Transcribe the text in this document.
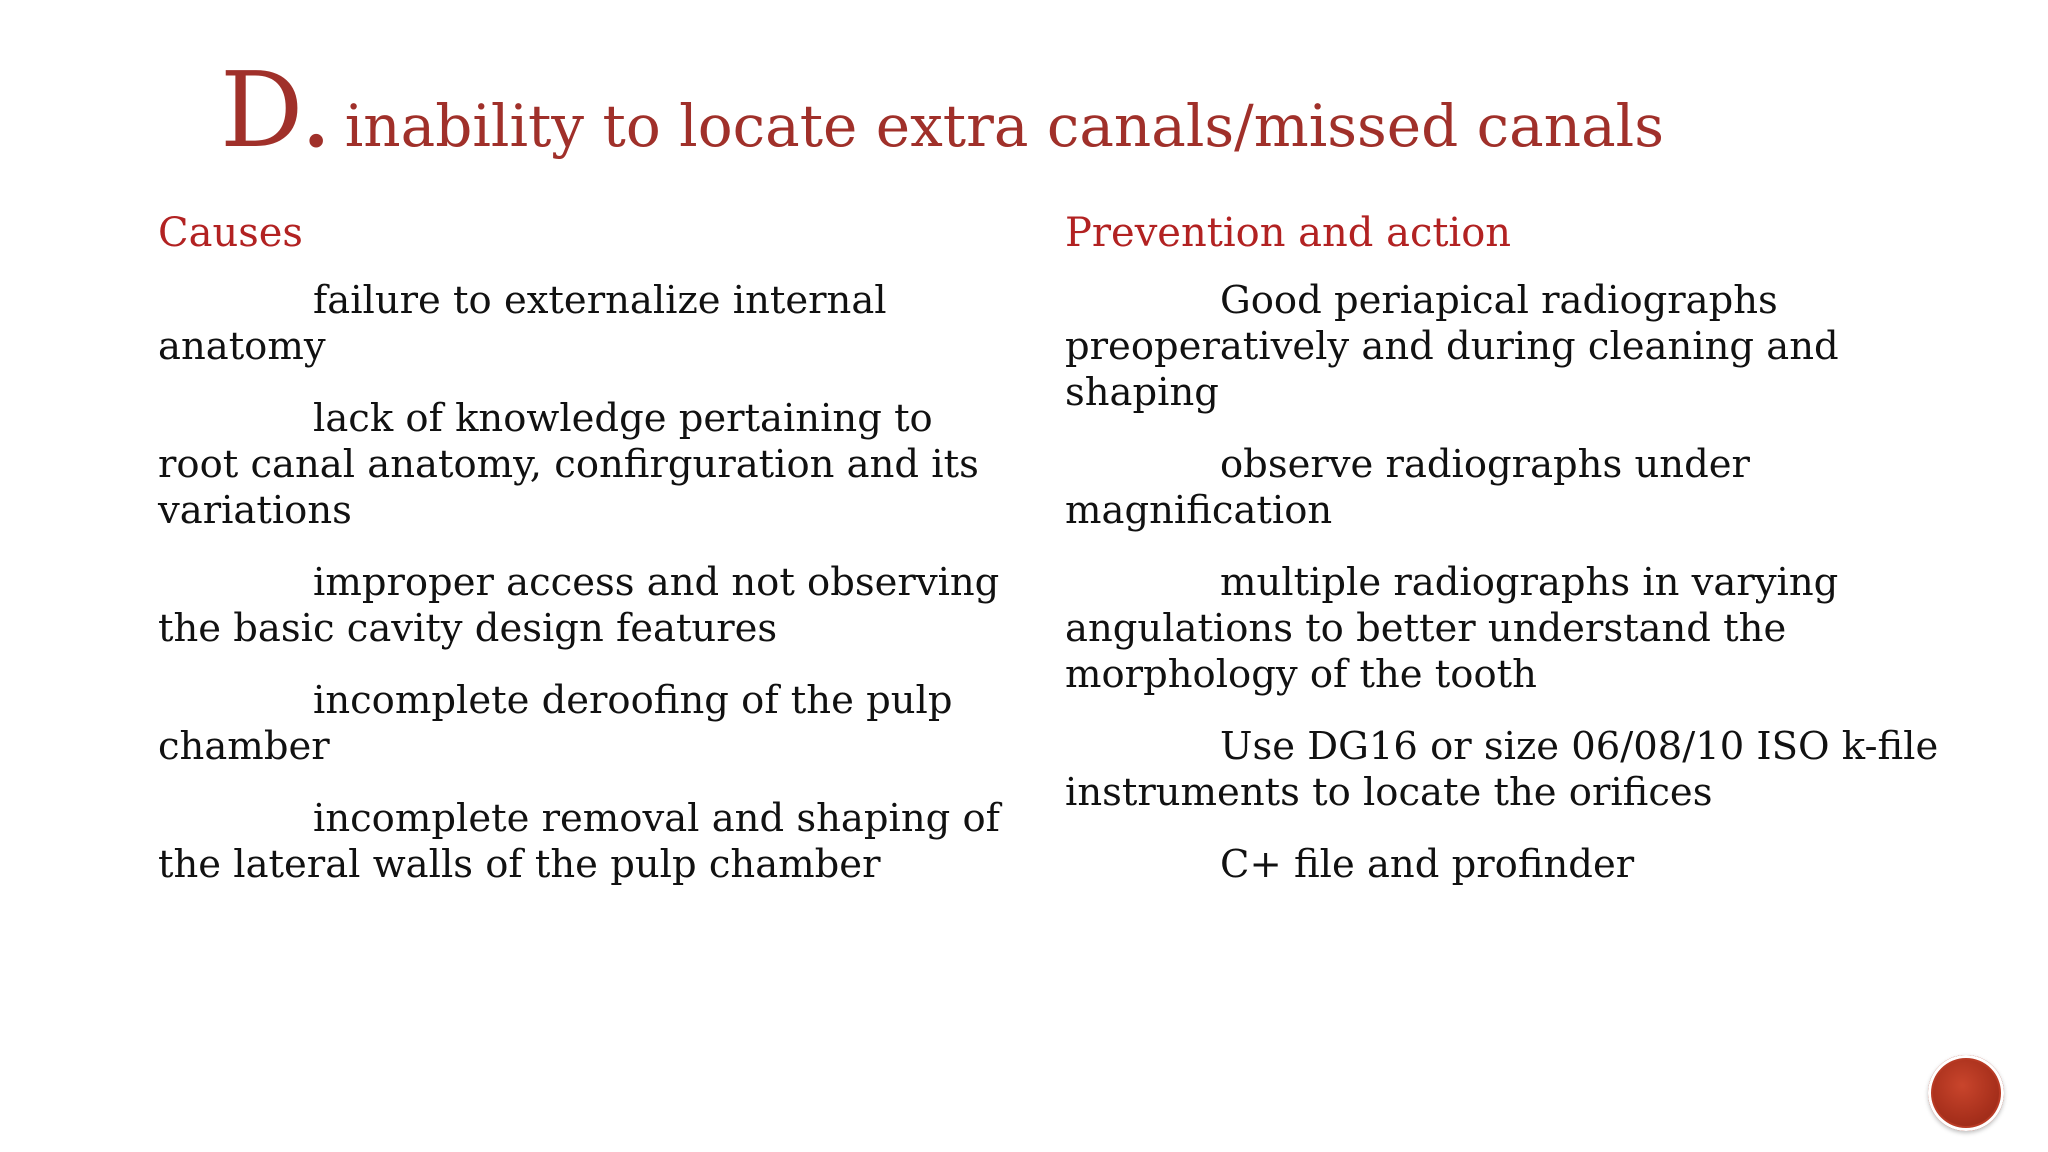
D. inability to locate extra canals/missed canals

Causes

failure to externalize internal anatomy

lack of knowledge pertaining to root canal anatomy, confirguration and its variations

improper access and not observing the basic cavity design features

incomplete deroofing of the pulp chamber

incomplete removal and shaping of the lateral walls of the pulp chamber

Prevention and action

Good periapical radiographs preoperatively and during cleaning and shaping

observe radiographs under magnification

multiple radiographs in varying angulations to better understand the morphology of the tooth

Use DG16 or size 06/08/10 ISO k-file instruments to locate the orifices

C+ file and profinder
